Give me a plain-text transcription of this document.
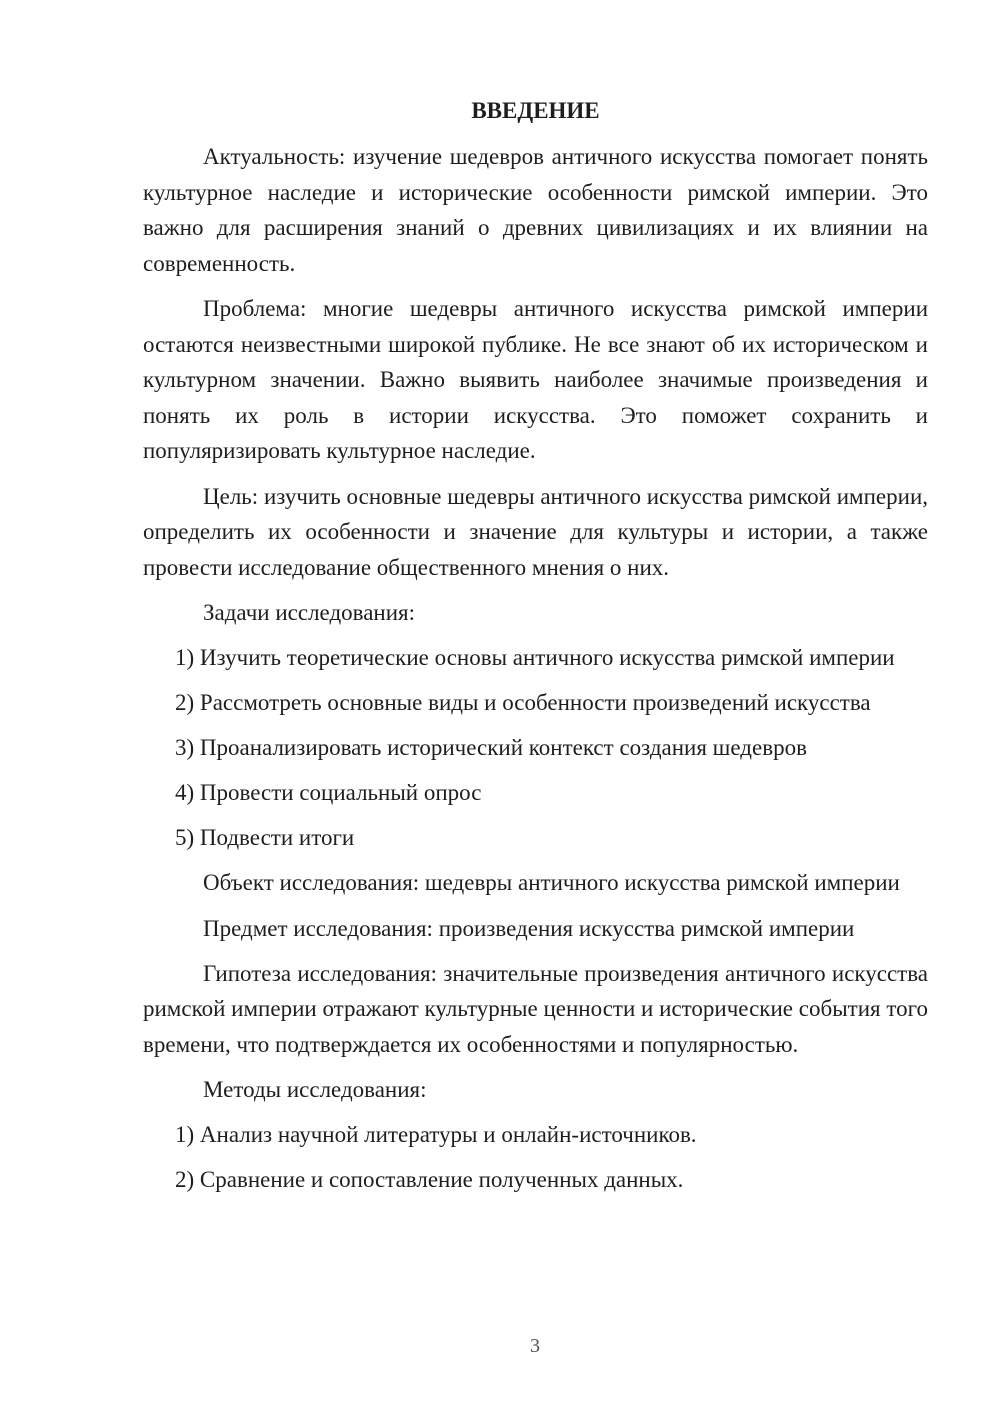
ВВЕДЕНИЕ

Актуальность: изучение шедевров античного искусства помогает понять культурное наследие и исторические особенности римской империи. Это важно для расширения знаний о древних цивилизациях и их влиянии на современность.

Проблема: многие шедевры античного искусства римской империи остаются неизвестными широкой публике. Не все знают об их историческом и культурном значении. Важно выявить наиболее значимые произведения и понять их роль в истории искусства. Это поможет сохранить и популяризировать культурное наследие.

Цель: изучить основные шедевры античного искусства римской империи, определить их особенности и значение для культуры и истории, а также провести исследование общественного мнения о них.

Задачи исследования:

1) Изучить теоретические основы античного искусства римской империи

2) Рассмотреть основные виды и особенности произведений искусства

3) Проанализировать исторический контекст создания шедевров

4) Провести социальный опрос

5) Подвести итоги

Объект исследования: шедевры античного искусства римской империи

Предмет исследования: произведения искусства римской империи

Гипотеза исследования: значительные произведения античного искусства римской империи отражают культурные ценности и исторические события того времени, что подтверждается их особенностями и популярностью.

Методы исследования:

1) Анализ научной литературы и онлайн-источников.

2) Сравнение и сопоставление полученных данных.

3
